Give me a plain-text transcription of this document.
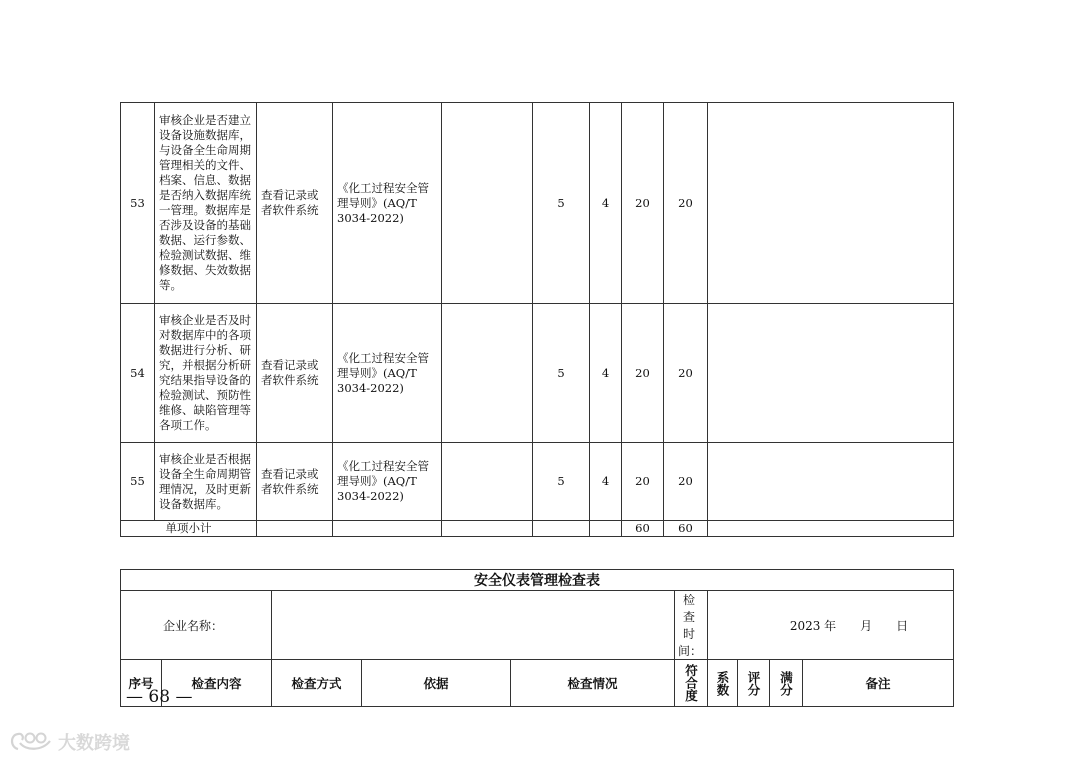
53	审核企业是否建立设备设施数据库，与设备全生命周期管理相关的文件、档案、信息、数据是否纳入数据库统一管理。数据库是否涉及设备的基础数据、运行参数、检验测试数据、维修数据、失效数据等。	查看记录或者软件系统	《化工过程安全管理导则》(AQ/T 3034-2022)		5	4	20	20	
54	审核企业是否及时对数据库中的各项数据进行分析、研究，并根据分析研究结果指导设备的检验测试、预防性维修、缺陷管理等各项工作。	查看记录或者软件系统	《化工过程安全管理导则》(AQ/T 3034-2022)		5	4	20	20	
55	审核企业是否根据设备全生命周期管理情况，及时更新设备数据库。	查看记录或者软件系统	《化工过程安全管理导则》(AQ/T 3034-2022)		5	4	20	20	
单项小计							60	60	
安全仪表管理检查表									
企业名称：					检查时间：	2023 年　　月　　日			
序号	检查内容	检查方式	依据	检查情况	符合度	系数	评分	满分	备注
— 68 —
大数跨境
